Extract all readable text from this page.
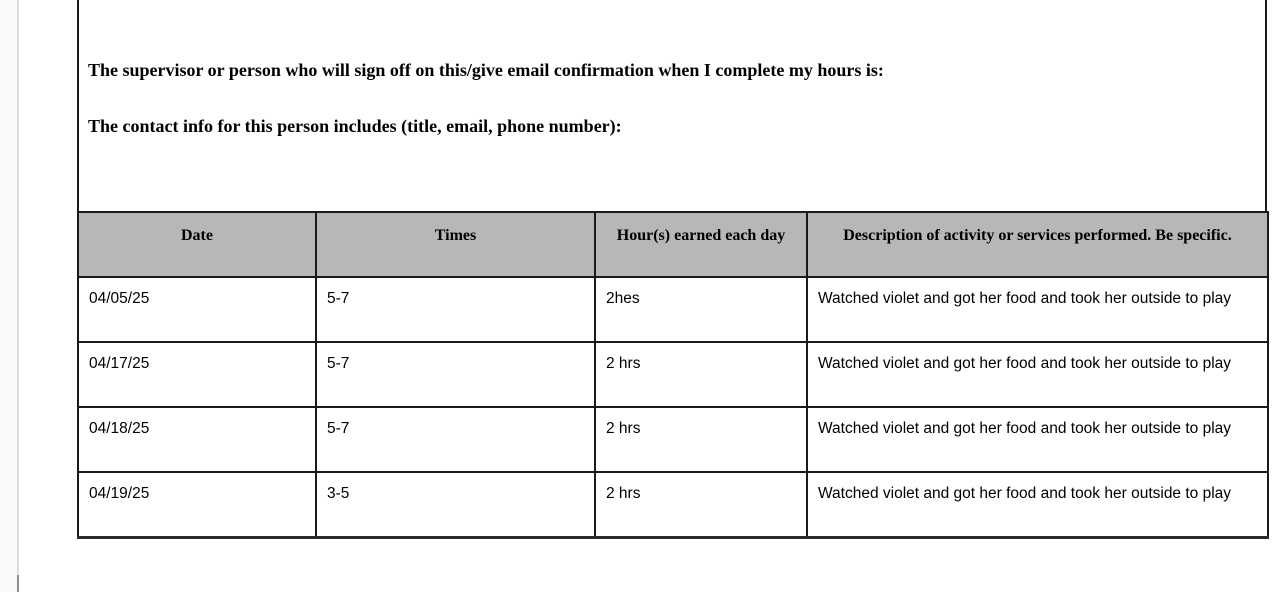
The supervisor or person who will sign off on this/give email confirmation when I complete my hours is:
The contact info for this person includes (title, email, phone number):
Date	Times	Hour(s) earned each day	Description of activity or services performed. Be specific.
04/05/25	5-7	2hes	Watched violet and got her food and took her outside to play
04/17/25	5-7	2 hrs	Watched violet and got her food and took her outside to play
04/18/25	5-7	2 hrs	Watched violet and got her food and took her outside to play
04/19/25	3-5	2 hrs	Watched violet and got her food and took her outside to play
